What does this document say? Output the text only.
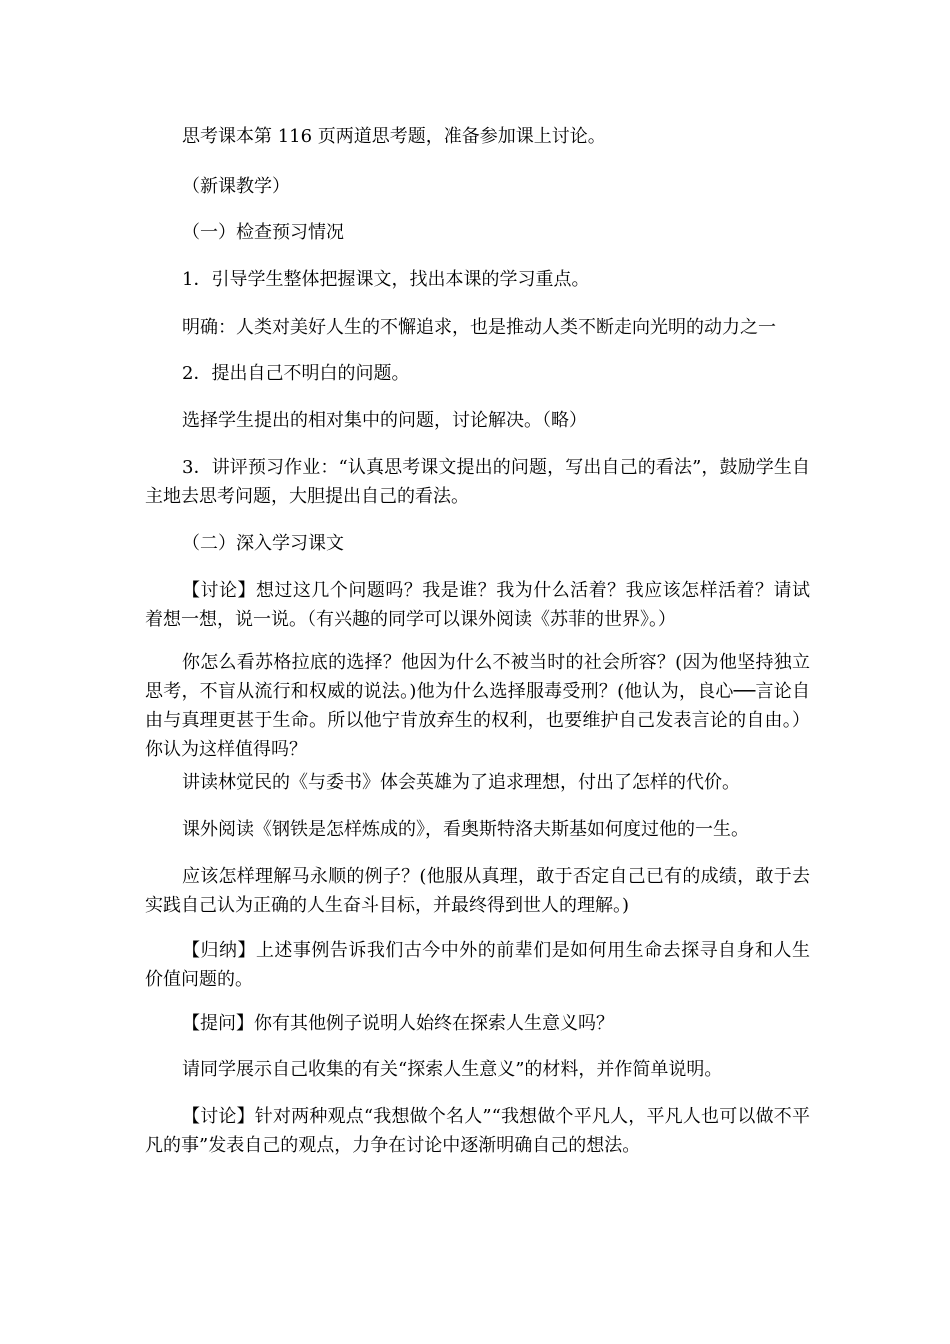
思考课本第 116 页两道思考题，准备参加课上讨论。
（新课教学）
（一）检查预习情况
1．引导学生整体把握课文，找出本课的学习重点。
明确：人类对美好人生的不懈追求，也是推动人类不断走向光明的动力之一
2．提出自己不明白的问题。
选择学生提出的相对集中的问题，讨论解决。（略）
3．讲评预习作业：“认真思考课文提出的问题，写出自己的看法”，鼓励学生自主地去思考问题，大胆提出自己的看法。
（二）深入学习课文
【讨论】想过这几个问题吗？我是谁？我为什么活着？我应该怎样活着？请试着想一想，说一说。（有兴趣的同学可以课外阅读《苏菲的世界》。）
你怎么看苏格拉底的选择？他因为什么不被当时的社会所容？(因为他坚持独立思考，不盲从流行和权威的说法。)他为什么选择服毒受刑？(他认为，良心──言论自由与真理更甚于生命。所以他宁肯放弃生的权利，也要维护自己发表言论的自由。）你认为这样值得吗？
讲读林觉民的《与委书》体会英雄为了追求理想，付出了怎样的代价。
课外阅读《钢铁是怎样炼成的》，看奥斯特洛夫斯基如何度过他的一生。
应该怎样理解马永顺的例子？(他服从真理，敢于否定自己已有的成绩，敢于去实践自己认为正确的人生奋斗目标，并最终得到世人的理解。)
【归纳】上述事例告诉我们古今中外的前辈们是如何用生命去探寻自身和人生价值问题的。
【提问】你有其他例子说明人始终在探索人生意义吗？
请同学展示自己收集的有关“探索人生意义”的材料，并作简单说明。
【讨论】针对两种观点“我想做个名人”“我想做个平凡人，平凡人也可以做不平凡的事”发表自己的观点，力争在讨论中逐渐明确自己的想法。
